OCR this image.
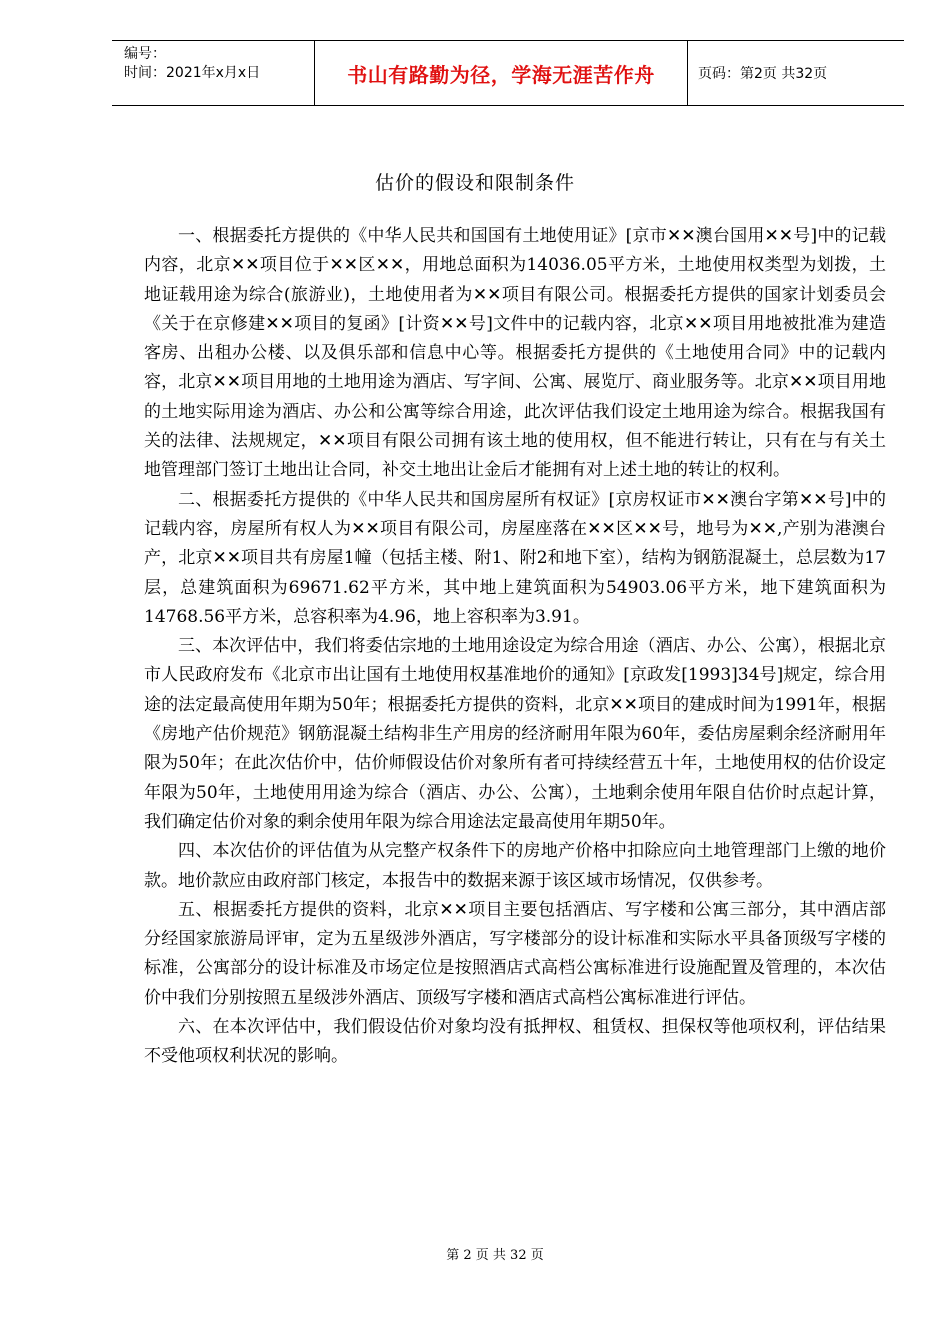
编号：
时间：2021年x月x日	书山有路勤为径，学海无涯苦作舟	页码：第2页 共32页
估价的假设和限制条件

一、根据委托方提供的《中华人民共和国国有土地使用证》[京市✕✕澳台国用✕✕号]中的记载内容，北京✕✕项目位于✕✕区✕✕，用地总面积为14036.05平方米，土地使用权类型为划拨，土地证载用途为综合(旅游业)，土地使用者为✕✕项目有限公司。根据委托方提供的国家计划委员会《关于在京修建✕✕项目的复函》[计资✕✕号]文件中的记载内容，北京✕✕项目用地被批准为建造客房、出租办公楼、以及俱乐部和信息中心等。根据委托方提供的《土地使用合同》中的记载内容，北京✕✕项目用地的土地用途为酒店、写字间、公寓、展览厅、商业服务等。北京✕✕项目用地的土地实际用途为酒店、办公和公寓等综合用途，此次评估我们设定土地用途为综合。根据我国有关的法律、法规规定，✕✕项目有限公司拥有该土地的使用权，但不能进行转让，只有在与有关土地管理部门签订土地出让合同，补交土地出让金后才能拥有对上述土地的转让的权利。

二、根据委托方提供的《中华人民共和国房屋所有权证》[京房权证市✕✕澳台字第✕✕号]中的记载内容，房屋所有权人为✕✕项目有限公司，房屋座落在✕✕区✕✕号，地号为✕✕,产别为港澳台产，北京✕✕项目共有房屋1幢（包括主楼、附1、附2和地下室），结构为钢筋混凝土，总层数为17层，总建筑面积为69671.62平方米，其中地上建筑面积为54903.06平方米，地下建筑面积为14768.56平方米，总容积率为4.96，地上容积率为3.91。

三、本次评估中，我们将委估宗地的土地用途设定为综合用途（酒店、办公、公寓），根据北京市人民政府发布《北京市出让国有土地使用权基准地价的通知》[京政发[1993]34号]规定，综合用途的法定最高使用年期为50年；根据委托方提供的资料，北京✕✕项目的建成时间为1991年，根据《房地产估价规范》钢筋混凝土结构非生产用房的经济耐用年限为60年，委估房屋剩余经济耐用年限为50年；在此次估价中，估价师假设估价对象所有者可持续经营五十年，土地使用权的估价设定年限为50年，土地使用用途为综合（酒店、办公、公寓），土地剩余使用年限自估价时点起计算，我们确定估价对象的剩余使用年限为综合用途法定最高使用年期50年。

四、本次估价的评估值为从完整产权条件下的房地产价格中扣除应向土地管理部门上缴的地价款。地价款应由政府部门核定，本报告中的数据来源于该区域市场情况，仅供参考。

五、根据委托方提供的资料，北京✕✕项目主要包括酒店、写字楼和公寓三部分，其中酒店部分经国家旅游局评审，定为五星级涉外酒店，写字楼部分的设计标准和实际水平具备顶级写字楼的标准，公寓部分的设计标准及市场定位是按照酒店式高档公寓标准进行设施配置及管理的，本次估价中我们分别按照五星级涉外酒店、顶级写字楼和酒店式高档公寓标准进行评估。

六、在本次评估中，我们假设估价对象均没有抵押权、租赁权、担保权等他项权利，评估结果不受他项权利状况的影响。

第 2 页 共 32 页
